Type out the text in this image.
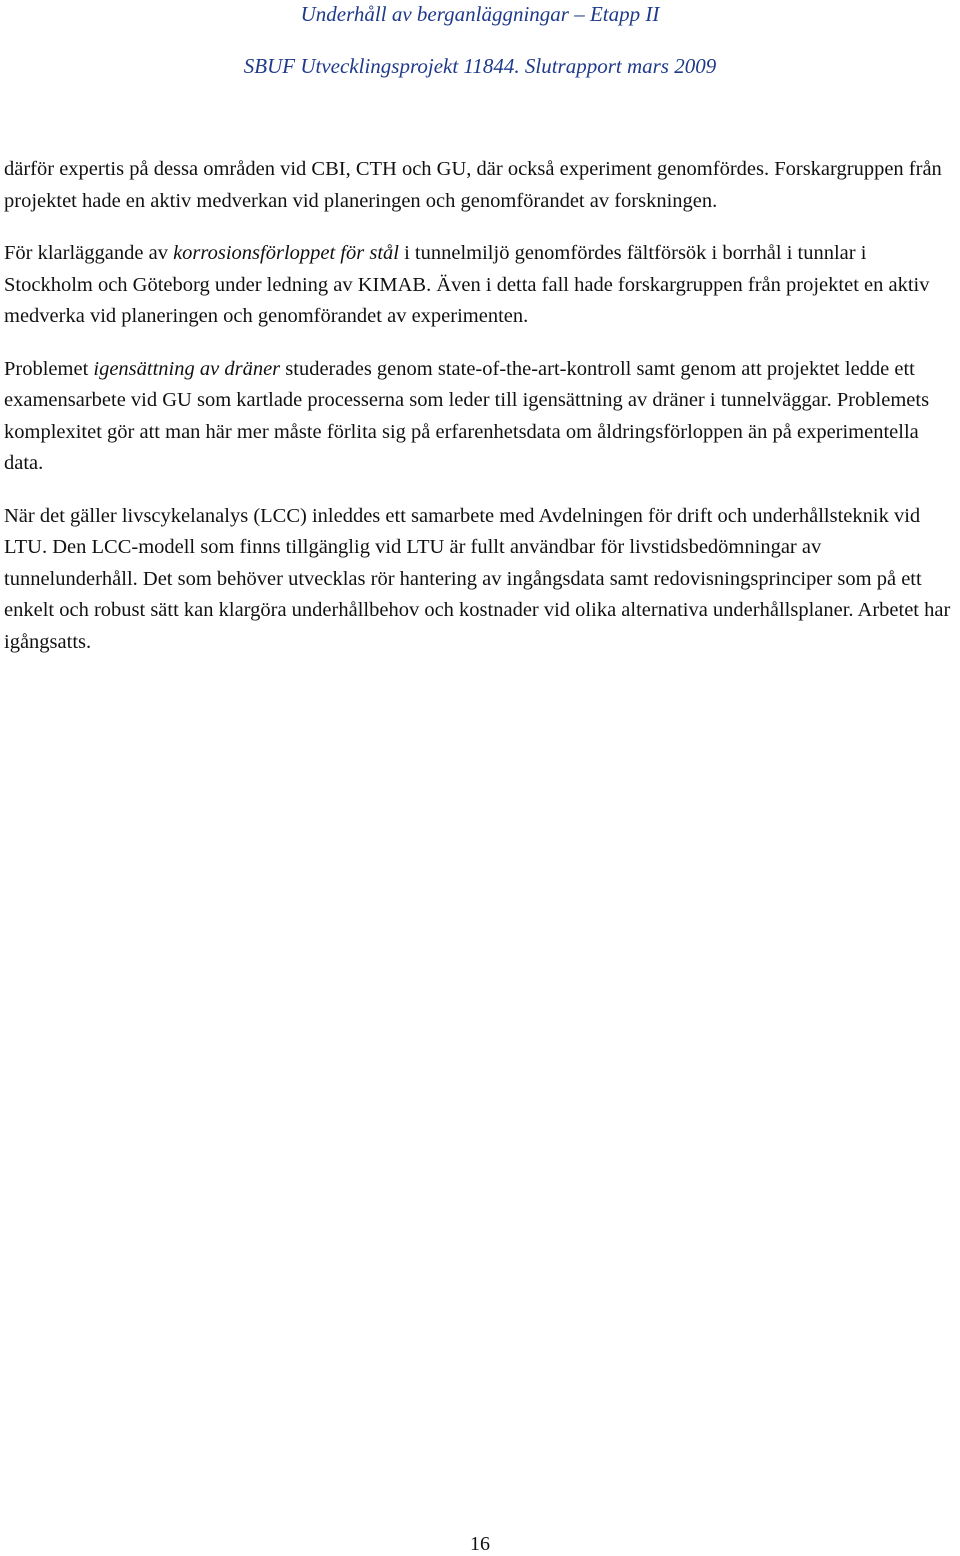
Underhåll av berganläggningar – Etapp II
SBUF Utvecklingsprojekt 11844. Slutrapport mars 2009

därför expertis på dessa områden vid CBI, CTH och GU, där också experiment genomfördes. Forskargruppen från projektet hade en aktiv medverkan vid planeringen och genomförandet av forskningen.

För klarläggande av korrosionsförloppet för stål i tunnelmiljö genomfördes fältförsök i borrhål i tunnlar i Stockholm och Göteborg under ledning av KIMAB. Även i detta fall hade forskargruppen från projektet en aktiv medverka vid planeringen och genomförandet av experimenten.

Problemet igensättning av dräner studerades genom state-of-the-art-kontroll samt genom att projektet ledde ett examensarbete vid GU som kartlade processerna som leder till igensättning av dräner i tunnelväggar. Problemets komplexitet gör att man här mer måste förlita sig på erfarenhetsdata om åldringsförloppen än på experimentella data.

När det gäller livscykelanalys (LCC) inleddes ett samarbete med Avdelningen för drift och underhållsteknik vid LTU. Den LCC-modell som finns tillgänglig vid LTU är fullt användbar för livstidsbedömningar av tunnelunderhåll. Det som behöver utvecklas rör hantering av ingångsdata samt redovisningsprinciper som på ett enkelt och robust sätt kan klargöra underhållbehov och kostnader vid olika alternativa underhållsplaner. Arbetet har igångsatts.

16
